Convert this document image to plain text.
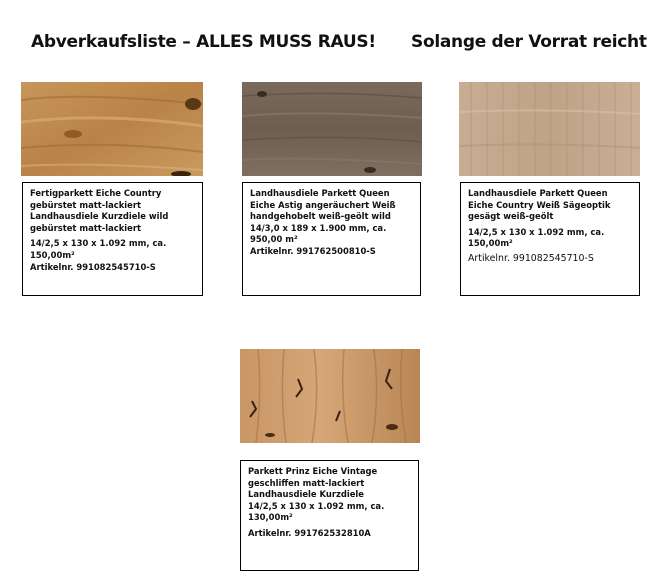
Abverkaufsliste – ALLES MUSS RAUS! Solange der Vorrat reicht

Fertigparkett Eiche Country gebürstet matt-lackiert Landhausdiele Kurzdiele wild gebürstet matt-lackiert

14/2,5 x 130 x 1.092 mm, ca. 150,00m²

Artikelnr. 991082545710-S

Landhausdiele Parkett Queen Eiche Astig angeräuchert Weiß handgehobelt weiß-geölt wild

14/3,0 x 189 x 1.900 mm, ca. 950,00 m²

Artikelnr. 991762500810-S

Landhausdiele Parkett Queen Eiche Country Weiß Sägeoptik gesägt weiß-geölt

14/2,5 x 130 x 1.092 mm, ca. 150,00m²

Artikelnr. 991082545710-S

Parkett Prinz Eiche Vintage geschliffen matt-lackiert Landhausdiele Kurzdiele

14/2,5 x 130 x 1.092 mm, ca. 130,00m²

Artikelnr. 991762532810A
